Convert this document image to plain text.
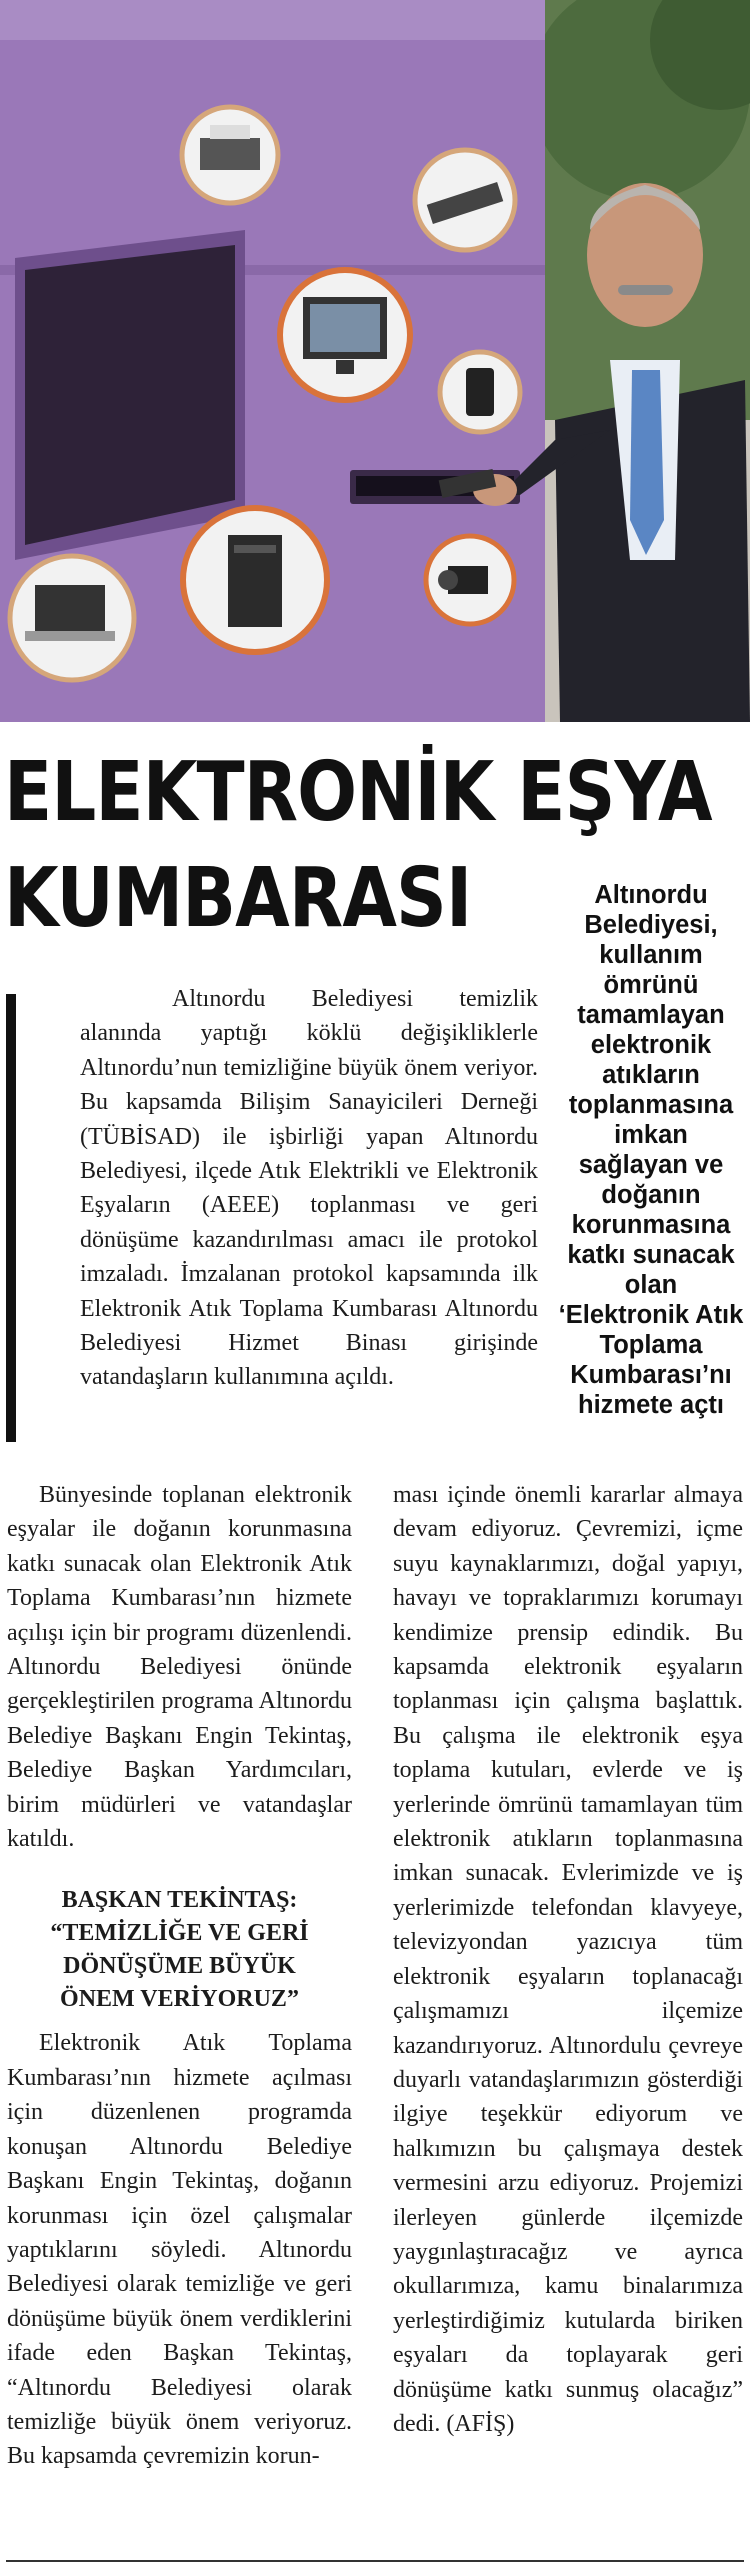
ELEKTRONİK EŞYA
KUMBARASI	Altınordu Belediyesi, kullanım ömrünü tamamlayan elektronik atıkların toplanmasına imkan sağlayan ve doğanın korunmasına katkı sunacak olan ‘Elektronik Atık Toplama Kumbarası’nı hizmete açtı

Altınordu Belediyesi temizlik alanında yaptığı köklü değişikliklerle Altınordu’nun temizliğine büyük önem veriyor. Bu kapsamda Bilişim Sanayicileri Derneği (TÜBİSAD) ile işbirliği yapan Altınordu Belediyesi, ilçede Atık Elektrikli ve Elektronik Eşyaların (AEEE) toplanması ve geri dönüşüme kazandırılması amacı ile protokol imzaladı. İmzalanan protokol kapsamında ilk Elektronik Atık Toplama Kumbarası Altınordu Belediyesi Hizmet Binası girişinde vatandaşların kullanımına açıldı.

Bünyesinde toplanan elektronik eşyalar ile doğanın korunmasına katkı sunacak olan Elektronik Atık Toplama Kumbarası’nın hizmete açılışı için bir programı düzenlendi. Altınordu Belediyesi önünde gerçekleştirilen programa Altınordu Belediye Başkanı Engin Tekintaş, Belediye Başkan Yardımcıları, birim müdürleri ve vatandaşlar katıldı.

BAŞKAN TEKİNTAŞ:
“TEMİZLİĞE VE GERİ
DÖNÜŞÜME BÜYÜK
ÖNEM VERİYORUZ”

Elektronik Atık Toplama Kumbarası’nın hizmete açılması için düzenlenen programda konuşan Altınordu Belediye Başkanı Engin Tekintaş, doğanın korunması için özel çalışmalar yaptıklarını söyledi. Altınordu Belediyesi olarak temizliğe ve geri dönüşüme büyük önem verdiklerini ifade eden Başkan Tekintaş, “Altınordu Belediyesi olarak temizliğe büyük önem veriyoruz. Bu kapsamda çevremizin korun-

ması içinde önemli kararlar almaya devam ediyoruz. Çevremizi, içme suyu kaynaklarımızı, doğal yapıyı, havayı ve topraklarımızı korumayı kendimize prensip edindik. Bu kapsamda elektronik eşyaların toplanması için çalışma başlattık. Bu çalışma ile elektronik eşya toplama kutuları, evlerde ve iş yerlerinde ömrünü tamamlayan tüm elektronik atıkların toplanmasına imkan sunacak. Evlerimizde ve iş yerlerimizde telefondan klavyeye, televizyondan yazıcıya tüm elektronik eşyaların toplanacağı çalışmamızı ilçemize kazandırıyoruz. Altınordulu çevreye duyarlı vatandaşlarımızın gösterdiği ilgiye teşekkür ediyorum ve halkımızın bu çalışmaya destek vermesini arzu ediyoruz. Projemizi ilerleyen günlerde ilçemizde yaygınlaştıracağız ve ayrıca okullarımıza, kamu binalarımıza yerleştirdiğimiz kutularda biriken eşyaları da toplayarak geri dönüşüme katkı sunmuş olacağız” dedi. (AFİŞ)
